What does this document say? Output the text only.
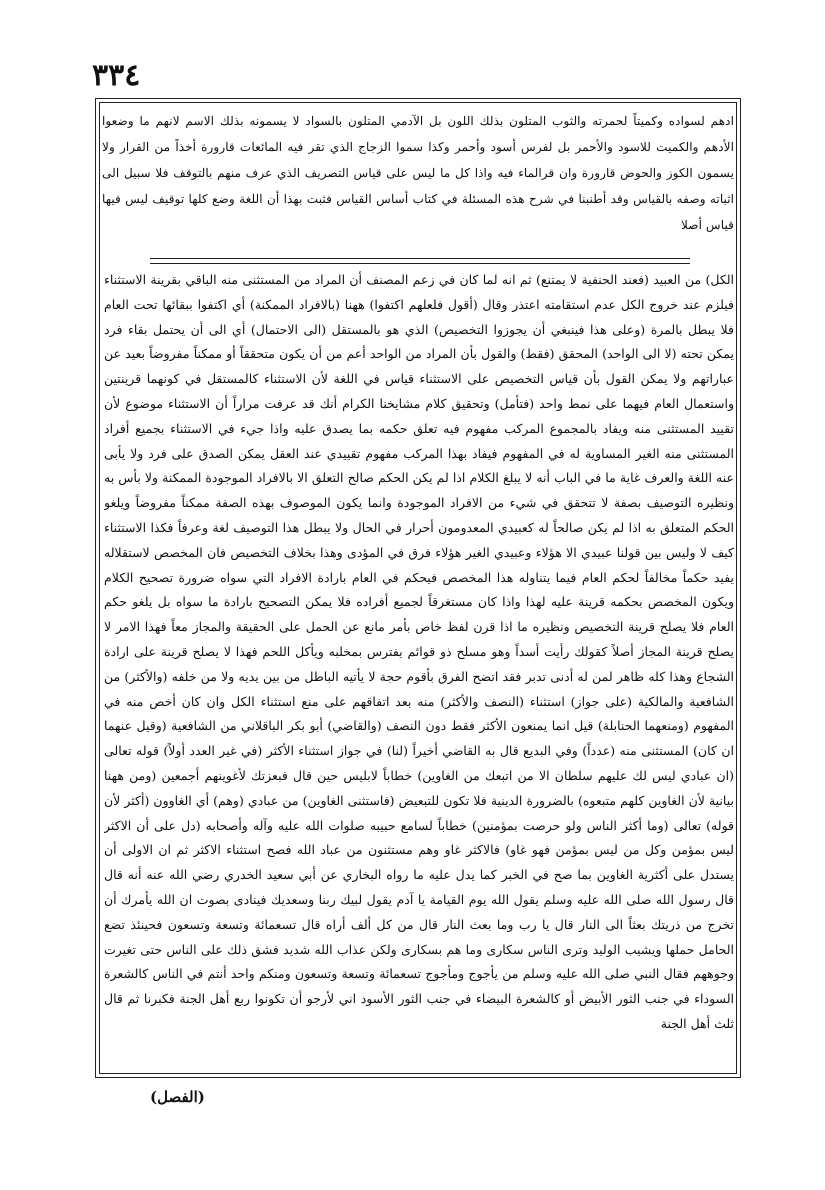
٣٣٤

ادهم لسواده وكميتاً لحمرته والثوب المتلون بذلك اللون بل الآدمي المتلون بالسواد لا يسمونه بذلك الاسم لانهم ما وضعوا الأدهم والكميت للاسود والأحمر بل لفرس أسود وأحمر وكذا سموا الزجاج الذي تقر فيه المائعات قارورة أخذاً من القرار ولا يسمون الكوز والحوض قارورة وان قرالماء فيه واذا كل ما ليس على قياس التصريف الذي عرف منهم بالتوقف فلا سبيل الى اثباته وصفه بالقياس وقد أطنبنا في شرح هذه المسئلة في كتاب أساس القياس فثبت بهذا أن اللغة وضع كلها توقيف ليس فيها قياس أصلا

الكل) من العبيد (فعند الحنفية لا يمتنع) ثم انه لما كان في زعم المصنف أن المراد من المستثنى منه الباقي بقرينة الاستثناء فيلزم عند خروج الكل عدم استقامته اعتذر وقال (أقول فلعلهم اكتفوا) ههنا (بالافراد الممكنة) أي اكتفوا ببقائها تحت العام فلا يبطل بالمرة (وعلى هذا فينبغي أن يجوزوا التخصيص) الذي هو بالمستقل (الى الاحتمال) أي الى أن يحتمل بقاء فرد يمكن تحته (لا الى الواحد) المحقق (فقط) والقول بأن المراد من الواحد أعم من أن يكون متحققاً أو ممكناً مفروضاً بعيد عن عباراتهم ولا يمكن القول بأن قياس التخصيص على الاستثناء قياس في اللغة لأن الاستثناء كالمستقل في كونهما قرينتين واستعمال العام فيهما على نمط واحد (فتأمل) وتحقيق كلام مشايخنا الكرام أنك قد عرفت مراراً أن الاستثناء موضوع لأن تقييد المستثنى منه ويفاد بالمجموع المركب مفهوم فيه تعلق حكمه بما يصدق عليه واذا جيء في الاستثناء بجميع أفراد المستثنى منه الغير المساوية له في المفهوم فيفاد بهذا المركب مفهوم تقييدي عند العقل يمكن الصدق على فرد ولا يأبى عنه اللغة والعرف غاية ما في الباب أنه لا يبلغ الكلام اذا لم يكن الحكم صالح التعلق الا بالافراد الموجودة الممكنة ولا بأس به ونظيره التوصيف بصفة لا تتحقق في شيء من الافراد الموجودة وانما يكون الموصوف بهذه الصفة ممكناً مفروضاً ويلغو الحكم المتعلق به اذا لم يكن صالحاً له كعبيدي المعدومون أحرار في الحال ولا يبطل هذا التوصيف لغة وعرفاً فكذا الاستثناء كيف لا وليس بين قولنا عبيدي الا هؤلاء وعبيدي الغير هؤلاء فرق في المؤدى وهذا بخلاف التخصيص فان المخصص لاستقلاله يفيد حكماً مخالفاً لحكم العام فيما يتناوله هذا المخصص فيحكم في العام بارادة الافراد التي سواه ضرورة تصحيح الكلام ويكون المخصص بحكمه قرينة عليه لهذا واذا كان مستغرقاً لجميع أفراده فلا يمكن التصحيح بارادة ما سواه بل يلغو حكم العام فلا يصلح قرينة التخصيص ونظيره ما اذا قرن لفظ خاص بأمر مانع عن الحمل على الحقيقة والمجاز معاً فهذا الامر لا يصلح قرينة المجاز أصلاً كقولك رأيت أسداً وهو مسلح ذو قوائم يفترس بمخلبه ويأكل اللحم فهذا لا يصلح قرينة على ارادة الشجاع وهذا كله ظاهر لمن له أدنى تدبر فقد اتضح الفرق بأقوم حجة لا يأتيه الباطل من بين يديه ولا من خلفه (والأكثر) من الشافعية والمالكية (على جواز) استثناء (النصف والأكثر) منه بعد اتفاقهم على منع استثناء الكل وان كان أخص منه في المفهوم (ومنعهما الحنابلة) قيل انما يمنعون الأكثر فقط دون النصف (والقاضي) أبو بكر الباقلاني من الشافعية (وقيل عنهما ان كان) المستثنى منه (عدداً) وفي البديع قال به القاضي أخيراً (لنا) في جواز استثناء الأكثر (في غير العدد أولاً) قوله تعالى (ان عبادي ليس لك عليهم سلطان الا من اتبعك من الغاوين) خطاباً لابليس حين قال فبعزتك لأغوينهم أجمعين (ومن ههنا بيانية لأن الغاوين كلهم متبعوه) بالضرورة الدينية فلا تكون للتبعيض (فاستثنى الغاوين) من عبادي (وهم) أي الغاوون (أكثر لأن قوله) تعالى (وما أكثر الناس ولو حرصت بمؤمنين) خطاباً لسامع حبيبه صلوات الله عليه وآله وأصحابه (دل على أن الاكثر ليس بمؤمن وكل من ليس بمؤمن فهو غاو) فالاكثر غاو وهم مستثنون من عباد الله فصح استثناء الاكثر ثم ان الاولى أن يستدل على أكثرية الغاوين بما صح في الخبر كما يدل عليه ما رواه البخاري عن أبي سعيد الخدري رضي الله عنه أنه قال قال رسول الله صلى الله عليه وسلم يقول الله يوم القيامة يا آدم يقول لبيك ربنا وسعديك فينادى بصوت ان الله يأمرك أن تخرج من ذريتك بعثاً الى النار قال يا رب وما بعث النار قال من كل ألف أراه قال تسعمائة وتسعة وتسعون فحينئذ تضع الحامل حملها ويشيب الوليد وترى الناس سكارى وما هم بسكارى ولكن عذاب الله شديد فشق ذلك على الناس حتى تغيرت وجوههم فقال النبي صلى الله عليه وسلم من يأجوج ومأجوج تسعمائة وتسعة وتسعون ومنكم واحد أنتم في الناس كالشعرة السوداء في جنب الثور الأبيض أو كالشعرة البيضاء في جنب الثور الأسود اني لأرجو أن تكونوا ربع أهل الجنة فكبرنا ثم قال ثلث أهل الجنة

(الفصل)
